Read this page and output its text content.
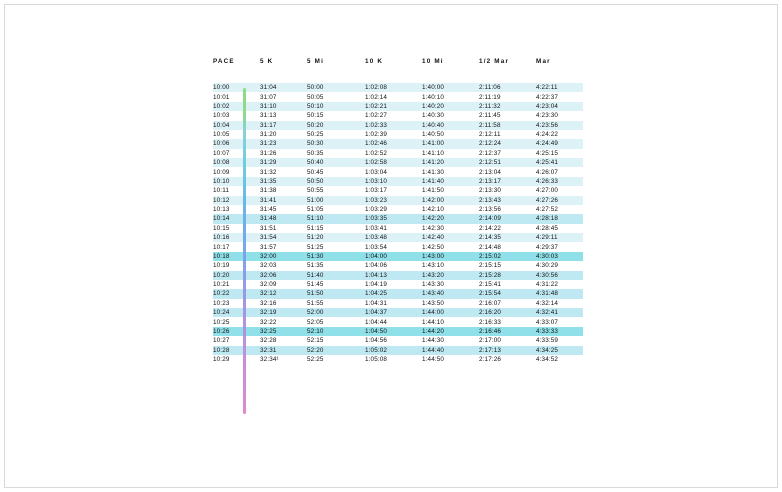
PACE	5 K	5 Mi	10 K	10 Mi	1/2 Mar	Mar
10:00	31:04	50:00	1:02:08	1:40:00	2:11:06	4:22:11
10:01	31:07	50:05	1:02:14	1:40:10	2:11:19	4:22:37
10:02	31:10	50:10	1:02:21	1:40:20	2:11:32	4:23:04
10:03	31:13	50:15	1:02:27	1:40:30	2:11:45	4:23:30
10:04	31:17	50:20	1:02:33	1:40:40	2:11:58	4:23:56
10:05	31:20	50:25	1:02:39	1:40:50	2:12:11	4:24:22
10:06	31:23	50:30	1:02:46	1:41:00	2:12:24	4:24:49
10:07	31:26	50:35	1:02:52	1:41:10	2:12:37	4:25:15
10:08	31:29	50:40	1:02:58	1:41:20	2:12:51	4:25:41
10:09	31:32	50:45	1:03:04	1:41:30	2:13:04	4:26:07
10:10	31:35	50:50	1:03:10	1:41:40	2:13:17	4:26:33
10:11	31:38	50:55	1:03:17	1:41:50	2:13:30	4:27:00
10:12	31:41	51:00	1:03:23	1:42:00	2:13:43	4:27:26
10:13	31:45	51:05	1:03:29	1:42:10	2:13:56	4:27:52
10:14	31:48	51:10	1:03:35	1:42:20	2:14:09	4:28:18
10:15	31:51	51:15	1:03:41	1:42:30	2:14:22	4:28:45
10:16	31:54	51:20	1:03:48	1:42:40	2:14:35	4:29:11
10:17	31:57	51:25	1:03:54	1:42:50	2:14:48	4:29:37
10:18	32:00	51:30	1:04:00	1:43:00	2:15:02	4:30:03
10:19	32:03	51:35	1:04:06	1:43:10	2:15:15	4:30:29
10:20	32:06	51:40	1:04:13	1:43:20	2:15:28	4:30:56
10:21	32:09	51:45	1:04:19	1:43:30	2:15:41	4:31:22
10:22	32:12	51:50	1:04:25	1:43:40	2:15:54	4:31:48
10:23	32:16	51:55	1:04:31	1:43:50	2:16:07	4:32:14
10:24	32:19	52:00	1:04:37	1:44:00	2:16:20	4:32:41
10:25	32:22	52:05	1:04:44	1:44:10	2:16:33	4:33:07
10:26	32:25	52:10	1:04:50	1:44:20	2:16:46	4:33:33
10:27	32:28	52:15	1:04:56	1:44:30	2:17:00	4:33:59
10:28	32:31	52:20	1:05:02	1:44:40	2:17:13	4:34:25
10:29	32:34¹	52:25	1:05:08	1:44:50	2:17:26	4:34:52
